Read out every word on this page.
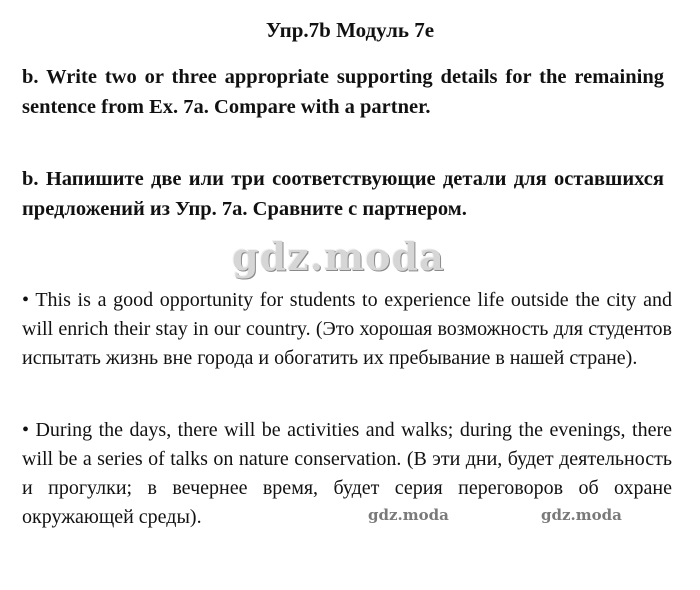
Упр.7b Модуль 7e
b. Write two or three appropriate supporting details for the remaining sentence from Ex. 7a. Compare with a partner.
b. Напишите две или три соответствующие детали для оставшихся предложений из Упр. 7a. Сравните с партнером.
gdz.moda
• This is a good opportunity for students to experience life outside the city and will enrich their stay in our country. (Это хорошая возможность для студентов испытать жизнь вне города и обогатить их пребывание в нашей стране).
• During the days, there will be activities and walks; during the evenings, there will be a series of talks on nature conservation. (В эти дни, будет деятельность и прогулки; в вечернее время, будет серия переговоров об охране окружающей среды).	gdz.moda	gdz.moda
